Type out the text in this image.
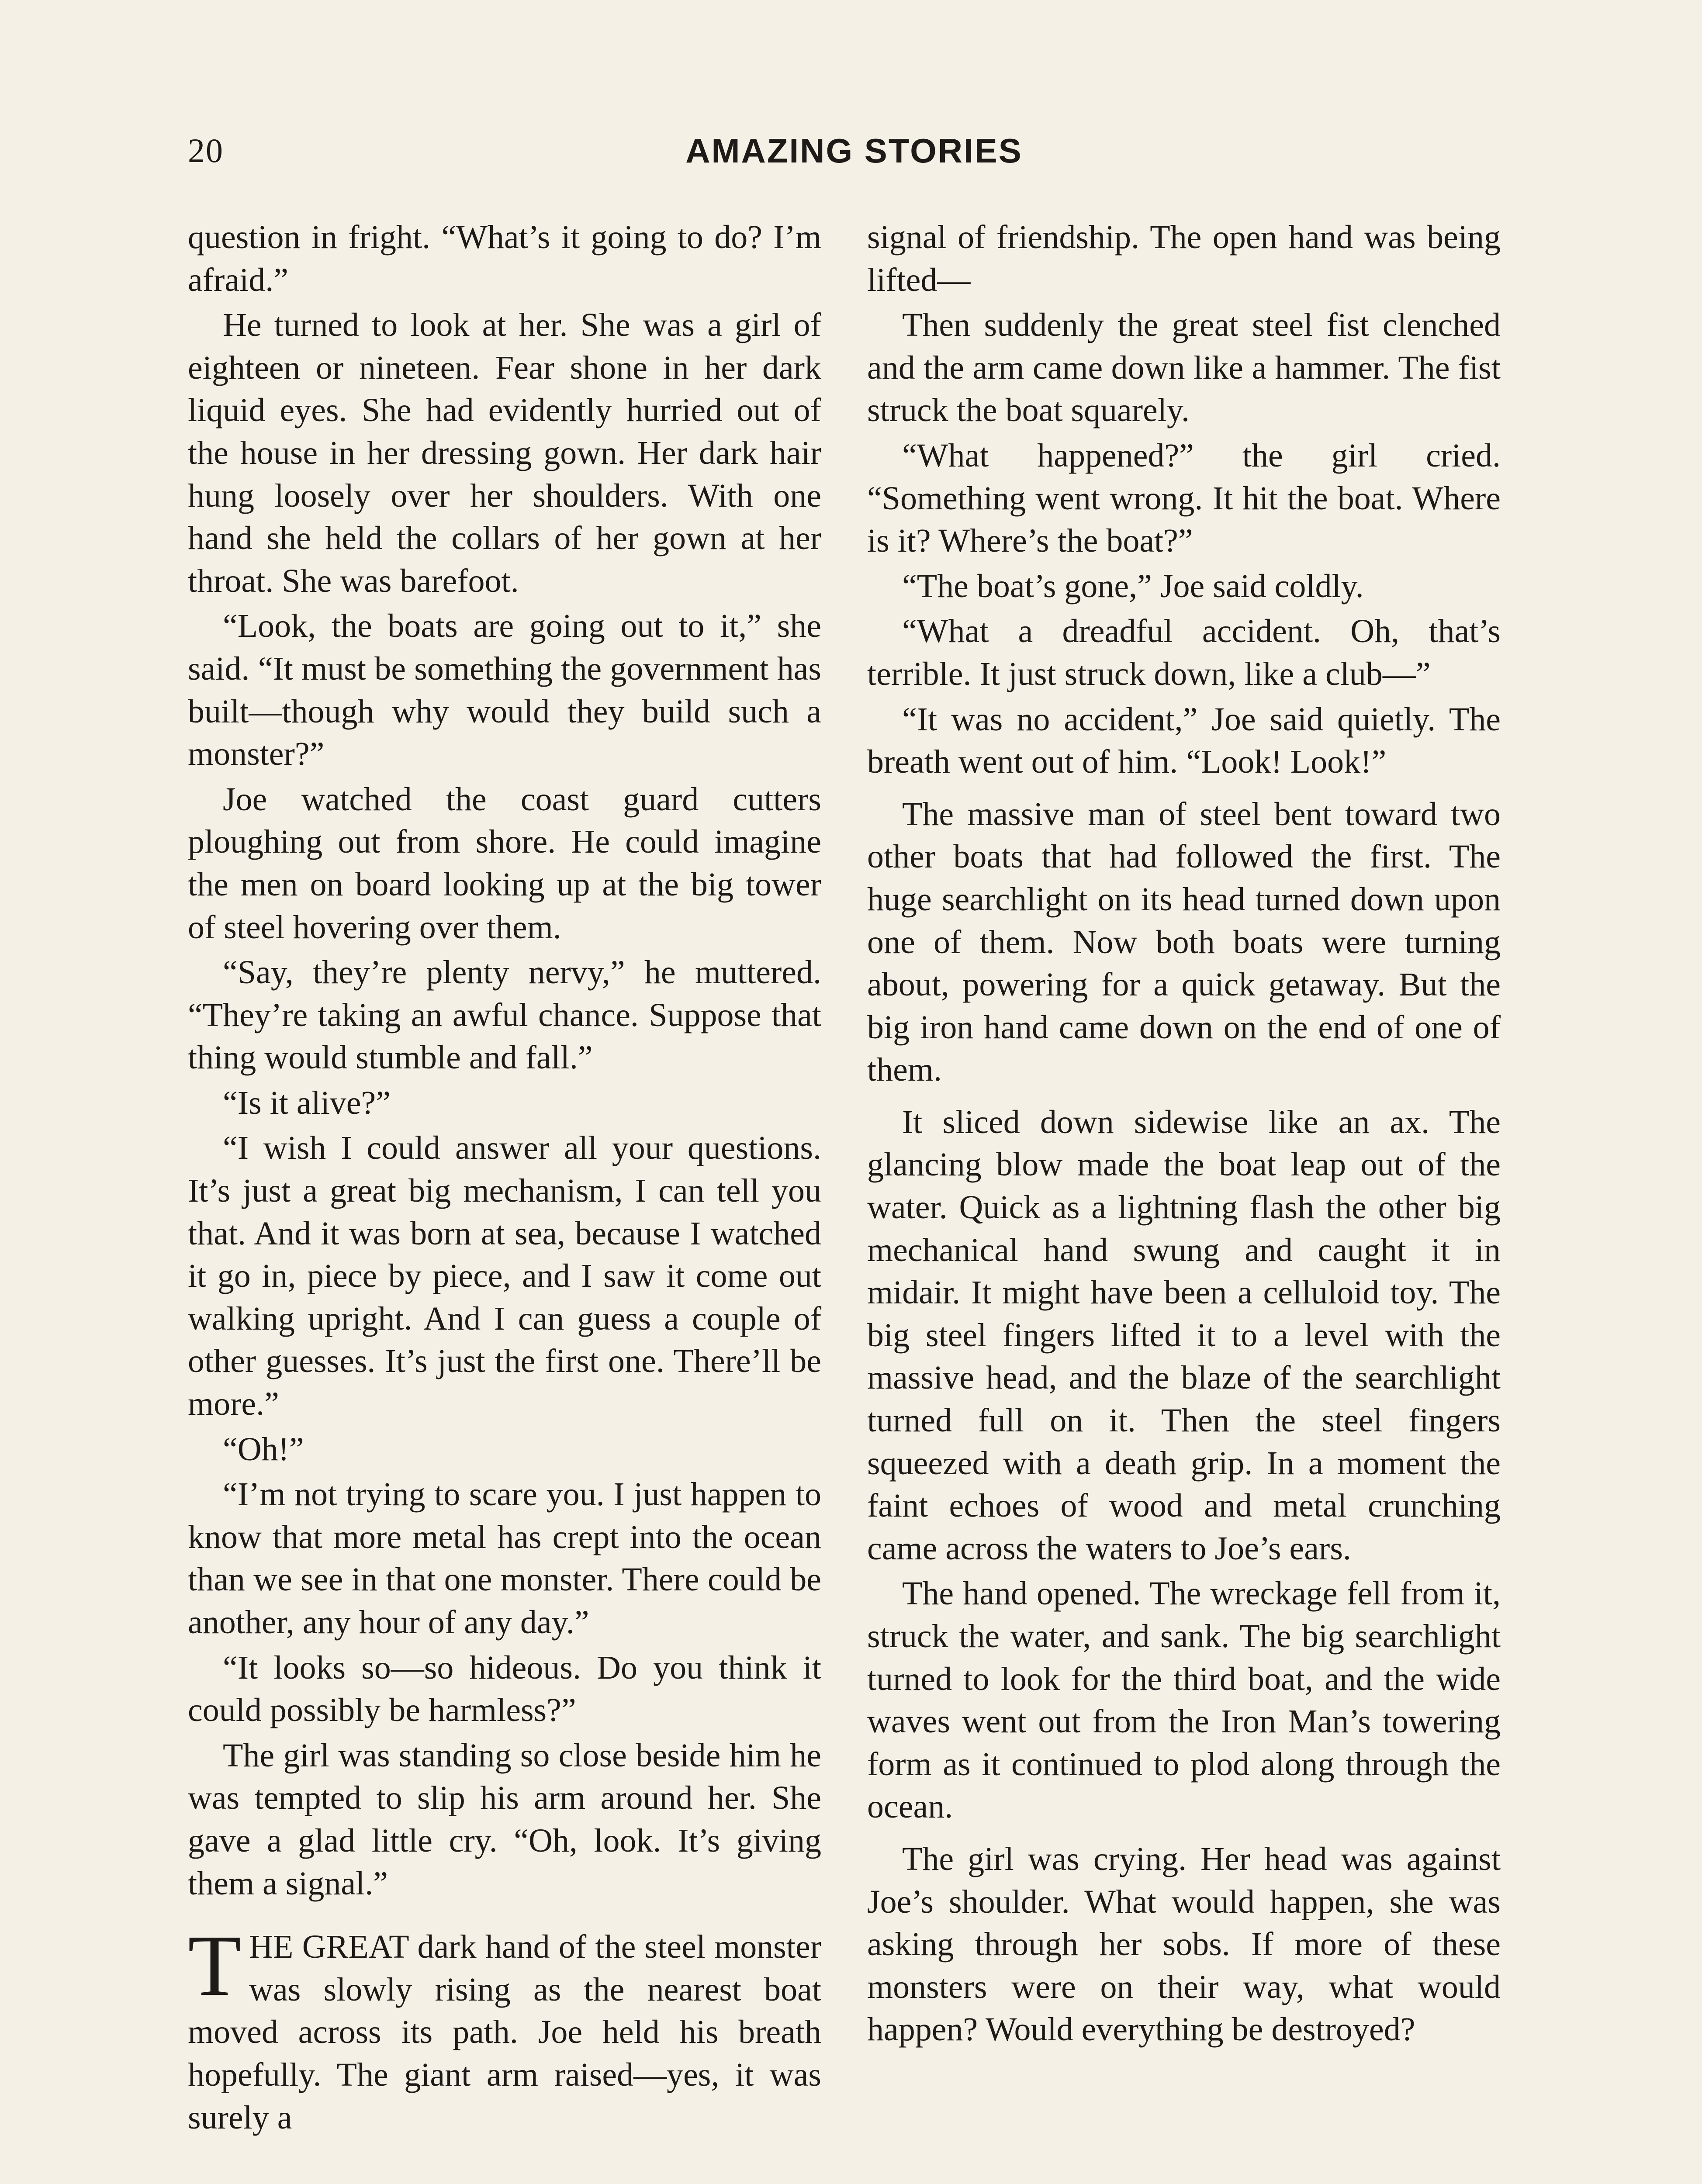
20	AMAZING STORIES

question in fright. “What’s it going to do? I’m afraid.”

He turned to look at her. She was a girl of eighteen or nineteen. Fear shone in her dark liquid eyes. She had evidently hurried out of the house in her dressing gown. Her dark hair hung loosely over her shoulders. With one hand she held the collars of her gown at her throat. She was barefoot.

“Look, the boats are going out to it,” she said. “It must be something the government has built—though why would they build such a monster?”

Joe watched the coast guard cutters ploughing out from shore. He could imagine the men on board looking up at the big tower of steel hovering over them.

“Say, they’re plenty nervy,” he muttered. “They’re taking an awful chance. Suppose that thing would stumble and fall.”

“Is it alive?”

“I wish I could answer all your questions. It’s just a great big mechanism, I can tell you that. And it was born at sea, because I watched it go in, piece by piece, and I saw it come out walking upright. And I can guess a couple of other guesses. It’s just the first one. There’ll be more.”

“Oh!”

“I’m not trying to scare you. I just happen to know that more metal has crept into the ocean than we see in that one monster. There could be another, any hour of any day.”

“It looks so—so hideous. Do you think it could possibly be harmless?”

The girl was standing so close beside him he was tempted to slip his arm around her. She gave a glad little cry. “Oh, look. It’s giving them a signal.”

THE GREAT dark hand of the steel monster was slowly rising as the nearest boat moved across its path. Joe held his breath hopefully. The giant arm raised—yes, it was surely a

signal of friendship. The open hand was being lifted—

Then suddenly the great steel fist clenched and the arm came down like a hammer. The fist struck the boat squarely.

“What happened?” the girl cried. “Something went wrong. It hit the boat. Where is it? Where’s the boat?”

“The boat’s gone,” Joe said coldly.

“What a dreadful accident. Oh, that’s terrible. It just struck down, like a club—”

“It was no accident,” Joe said quietly. The breath went out of him. “Look! Look!”

The massive man of steel bent toward two other boats that had followed the first. The huge searchlight on its head turned down upon one of them. Now both boats were turning about, powering for a quick getaway. But the big iron hand came down on the end of one of them.

It sliced down sidewise like an ax. The glancing blow made the boat leap out of the water. Quick as a lightning flash the other big mechanical hand swung and caught it in midair. It might have been a celluloid toy. The big steel fingers lifted it to a level with the massive head, and the blaze of the searchlight turned full on it. Then the steel fingers squeezed with a death grip. In a moment the faint echoes of wood and metal crunching came across the waters to Joe’s ears.

The hand opened. The wreckage fell from it, struck the water, and sank. The big searchlight turned to look for the third boat, and the wide waves went out from the Iron Man’s towering form as it continued to plod along through the ocean.

The girl was crying. Her head was against Joe’s shoulder. What would happen, she was asking through her sobs. If more of these monsters were on their way, what would happen? Would everything be destroyed?
